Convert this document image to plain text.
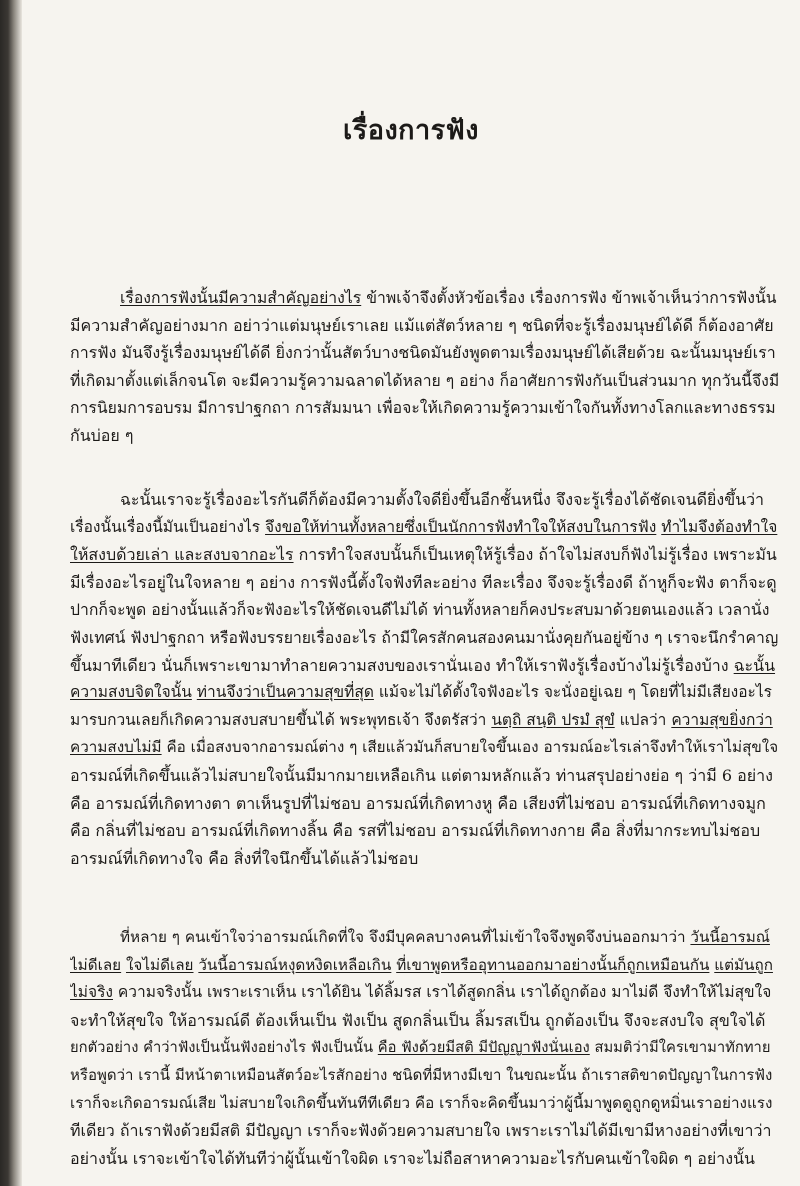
เรื่องการฟัง
เรื่องการฟังนั้นมีความสำคัญอย่างไร ข้าพเจ้าจึงตั้งหัวข้อเรื่อง เรื่องการฟัง ข้าพเจ้าเห็นว่าการฟังนั้น
มีความสำคัญอย่างมาก อย่าว่าแต่มนุษย์เราเลย แม้แต่สัตว์หลาย ๆ ชนิดที่จะรู้เรื่องมนุษย์ได้ดี ก็ต้องอาศัย
การฟัง มันจึงรู้เรื่องมนุษย์ได้ดี ยิ่งกว่านั้นสัตว์บางชนิดมันยังพูดตามเรื่องมนุษย์ได้เสียด้วย ฉะนั้นมนุษย์เรา
ที่เกิดมาตั้งแต่เล็กจนโต จะมีความรู้ความฉลาดได้หลาย ๆ อย่าง ก็อาศัยการฟังกันเป็นส่วนมาก ทุกวันนี้จึงมี
การนิยมการอบรม มีการปาฐกถา การสัมมนา เพื่อจะให้เกิดความรู้ความเข้าใจกันทั้งทางโลกและทางธรรม
กันบ่อย ๆ
ฉะนั้นเราจะรู้เรื่องอะไรกันดีก็ต้องมีความตั้งใจดียิ่งขึ้นอีกชั้นหนึ่ง จึงจะรู้เรื่องได้ชัดเจนดียิ่งขึ้นว่า
เรื่องนั้นเรื่องนี้มันเป็นอย่างไร จึงขอให้ท่านทั้งหลายซึ่งเป็นนักการฟังทำใจให้สงบในการฟัง ทำไมจึงต้องทำใจ
ให้สงบด้วยเล่า และสงบจากอะไร การทำใจสงบนั้นก็เป็นเหตุให้รู้เรื่อง ถ้าใจไม่สงบก็ฟังไม่รู้เรื่อง เพราะมัน
มีเรื่องอะไรอยู่ในใจหลาย ๆ อย่าง การฟังนี้ตั้งใจฟังทีละอย่าง ทีละเรื่อง จึงจะรู้เรื่องดี ถ้าหูก็จะฟัง ตาก็จะดู
ปากก็จะพูด อย่างนั้นแล้วก็จะฟังอะไรให้ชัดเจนดีไม่ได้ ท่านทั้งหลายก็คงประสบมาด้วยตนเองแล้ว เวลานั่ง
ฟังเทศน์ ฟังปาฐกถา หรือฟังบรรยายเรื่องอะไร ถ้ามีใครสักคนสองคนมานั่งคุยกันอยู่ข้าง ๆ เราจะนึกรำคาญ
ขึ้นมาทีเดียว นั่นก็เพราะเขามาทำลายความสงบของเรานั่นเอง ทำให้เราฟังรู้เรื่องบ้างไม่รู้เรื่องบ้าง ฉะนั้น
ความสงบจิตใจนั้น ท่านจึงว่าเป็นความสุขที่สุด แม้จะไม่ได้ตั้งใจฟังอะไร จะนั่งอยู่เฉย ๆ โดยที่ไม่มีเสียงอะไร
มารบกวนเลยก็เกิดความสงบสบายขึ้นได้ พระพุทธเจ้า จึงตรัสว่า นตฺถิ สนฺติ ปรมํ สุขํ แปลว่า ความสุขยิ่งกว่า
ความสงบไม่มี คือ เมื่อสงบจากอารมณ์ต่าง ๆ เสียแล้วมันก็สบายใจขึ้นเอง อารมณ์อะไรเล่าจึงทำให้เราไม่สุขใจ
อารมณ์ที่เกิดขึ้นแล้วไม่สบายใจนั้นมีมากมายเหลือเกิน แต่ตามหลักแล้ว ท่านสรุปอย่างย่อ ๆ ว่ามี 6 อย่าง
คือ อารมณ์ที่เกิดทางตา ตาเห็นรูปที่ไม่ชอบ อารมณ์ที่เกิดทางหู คือ เสียงที่ไม่ชอบ อารมณ์ที่เกิดทางจมูก
คือ กลิ่นที่ไม่ชอบ อารมณ์ที่เกิดทางลิ้น คือ รสที่ไม่ชอบ อารมณ์ที่เกิดทางกาย คือ สิ่งที่มากระทบไม่ชอบ
อารมณ์ที่เกิดทางใจ คือ สิ่งที่ใจนึกขึ้นได้แล้วไม่ชอบ
ที่หลาย ๆ คนเข้าใจว่าอารมณ์เกิดที่ใจ จึงมีบุคคลบางคนที่ไม่เข้าใจจึงพูดจึงบ่นออกมาว่า วันนี้อารมณ์
ไม่ดีเลย ใจไม่ดีเลย วันนี้อารมณ์หงุดหงิดเหลือเกิน ที่เขาพูดหรืออุทานออกมาอย่างนั้นก็ถูกเหมือนกัน แต่มันถูก
ไม่จริง ความจริงนั้น เพราะเราเห็น เราได้ยิน ได้ลิ้มรส เราได้สูดกลิ่น เราได้ถูกต้อง มาไม่ดี จึงทำให้ไม่สุขใจ
จะทำให้สุขใจ ให้อารมณ์ดี ต้องเห็นเป็น ฟังเป็น สูดกลิ่นเป็น ลิ้มรสเป็น ถูกต้องเป็น จึงจะสงบใจ สุขใจได้
ยกตัวอย่าง คำว่าฟังเป็นนั้นฟังอย่างไร ฟังเป็นนั้น คือ ฟังด้วยมีสติ มีปัญญาฟังนั่นเอง สมมติว่ามีใครเขามาทักทาย
หรือพูดว่า เรานี้ มีหน้าตาเหมือนสัตว์อะไรสักอย่าง ชนิดที่มีหางมีเขา ในขณะนั้น ถ้าเราสติขาดปัญญาในการฟัง
เราก็จะเกิดอารมณ์เสีย ไม่สบายใจเกิดขึ้นทันทีทีเดียว คือ เราก็จะคิดขึ้นมาว่าผู้นี้มาพูดดูถูกดูหมิ่นเราอย่างแรง
ทีเดียว ถ้าเราฟังด้วยมีสติ มีปัญญา เราก็จะฟังด้วยความสบายใจ เพราะเราไม่ได้มีเขามีหางอย่างที่เขาว่า
อย่างนั้น เราจะเข้าใจได้ทันทีว่าผู้นั้นเข้าใจผิด เราจะไม่ถือสาหาความอะไรกับคนเข้าใจผิด ๆ อย่างนั้น
